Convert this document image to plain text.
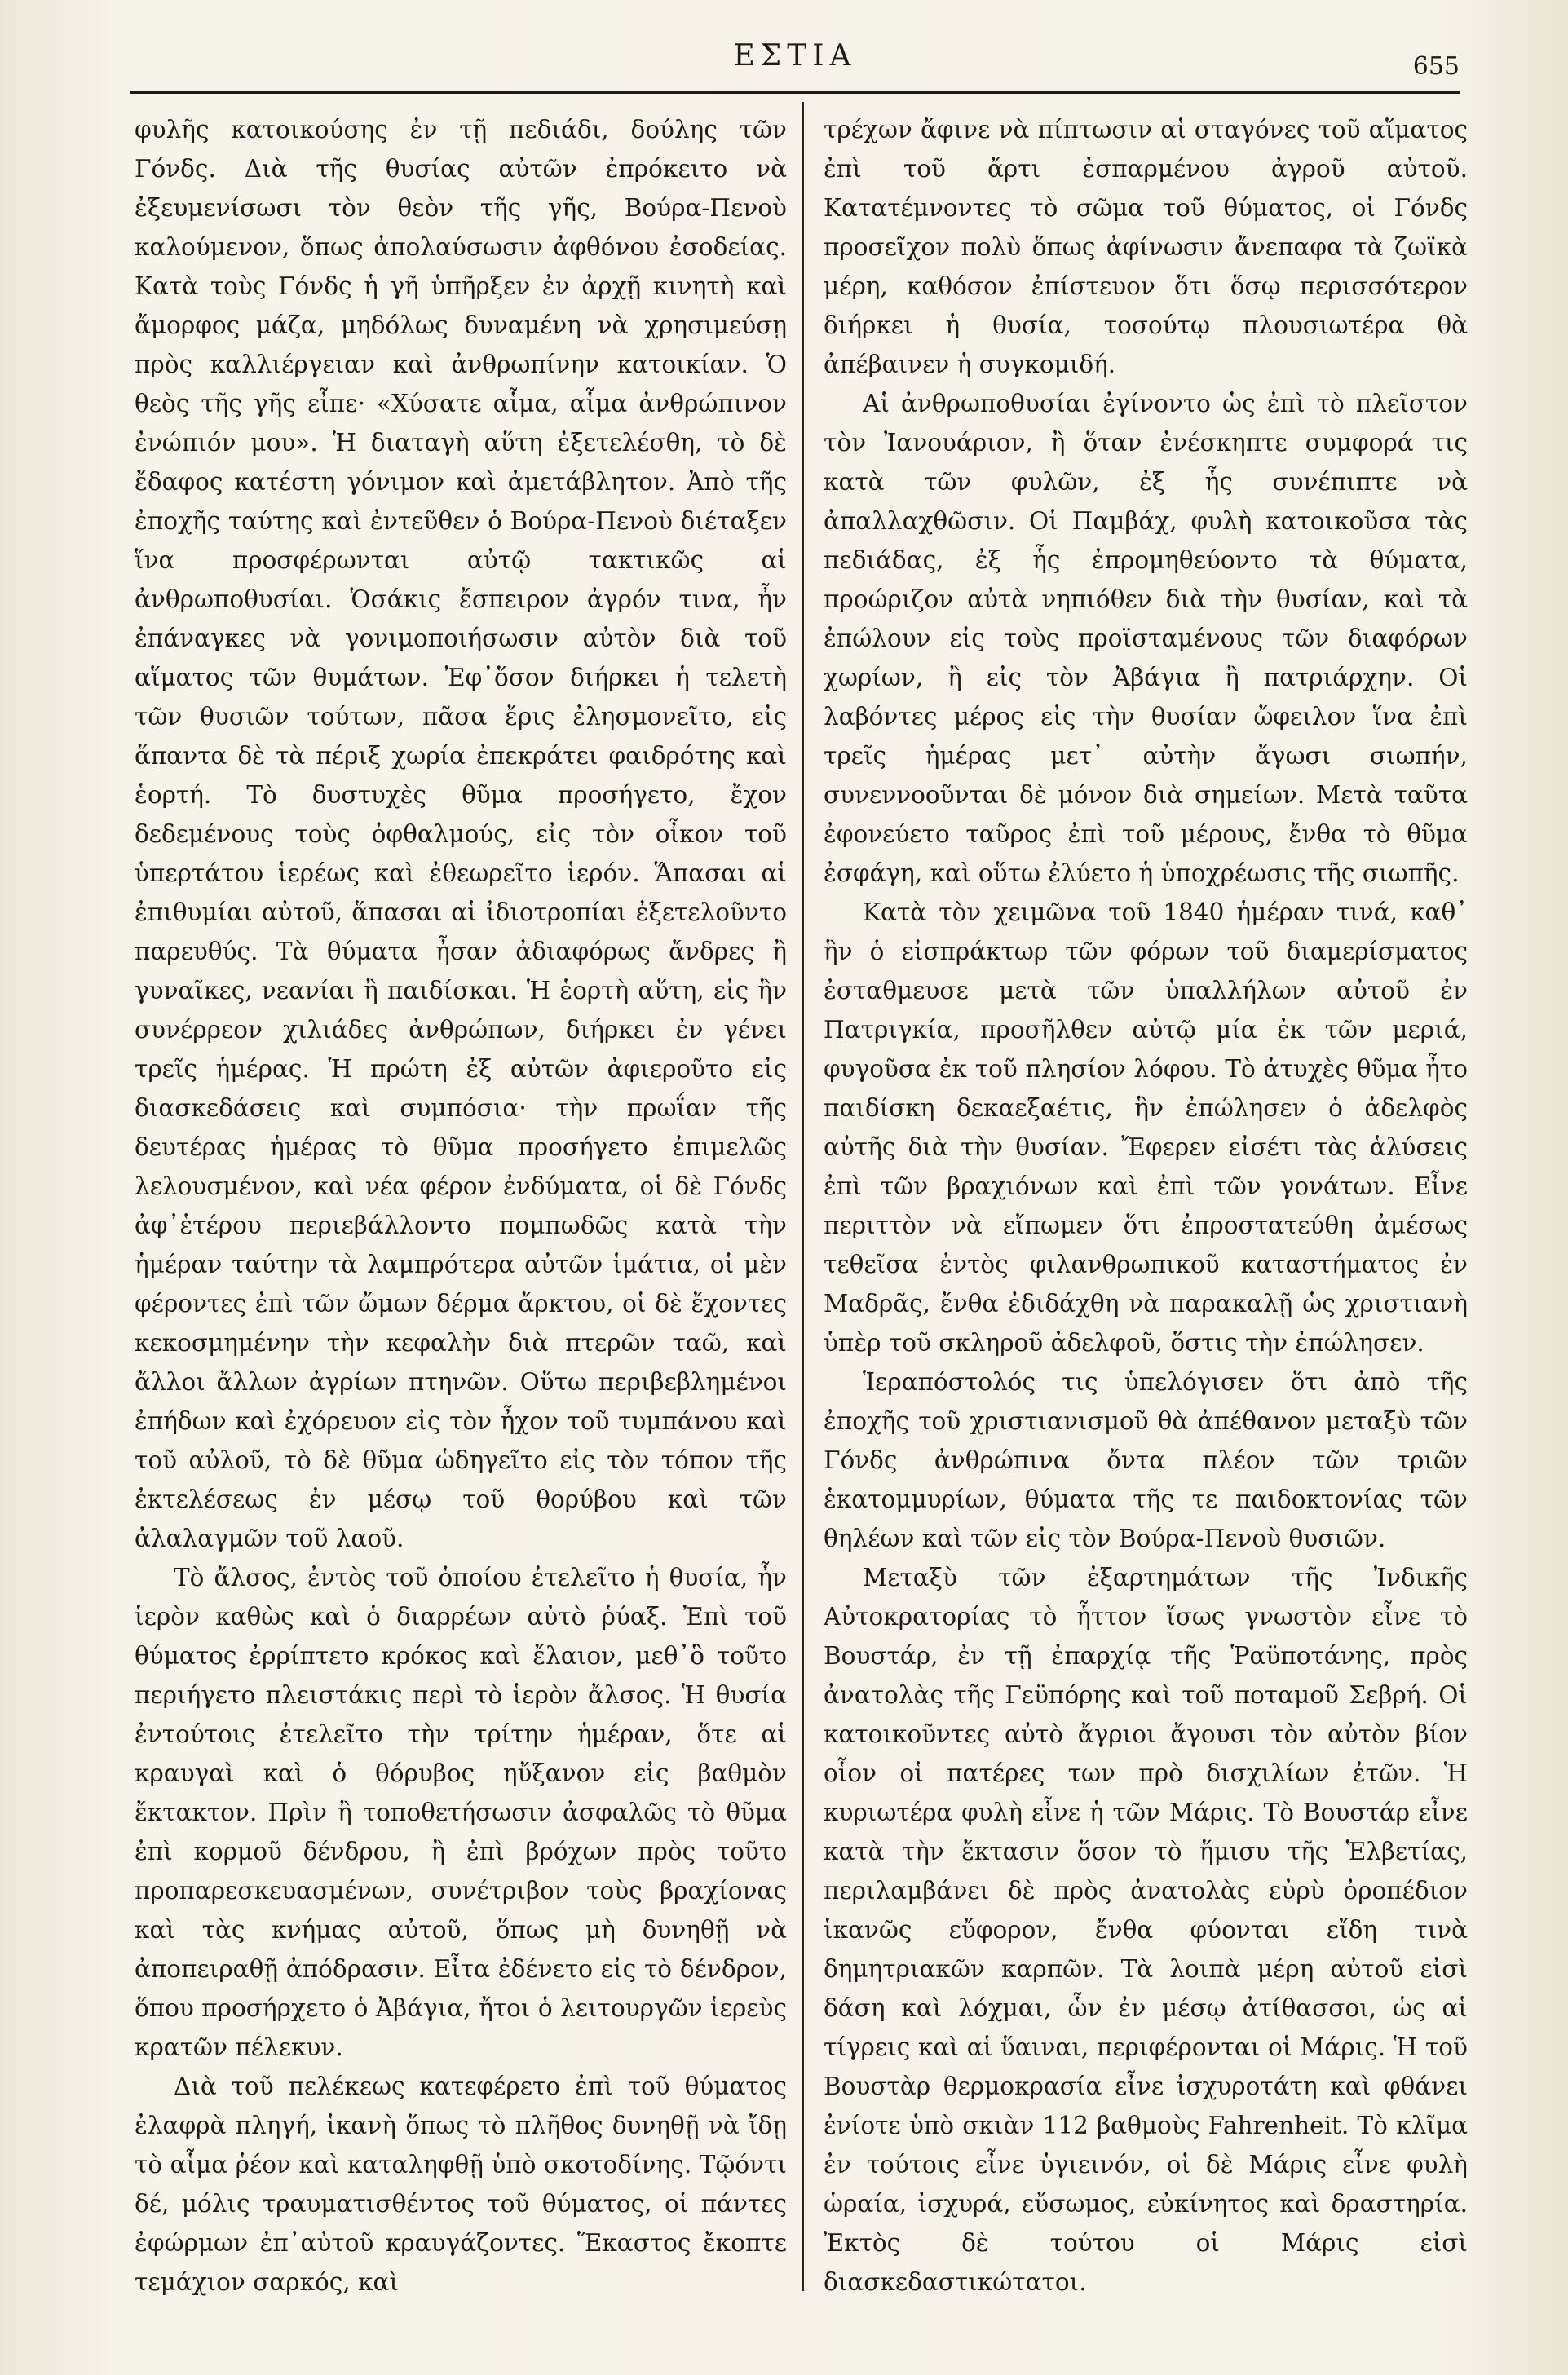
ΕΣΤΙΑ	655

φυλῆς κατοικούσης ἐν τῇ πεδιάδι, δούλης τῶν Γόνδς. Διὰ τῆς θυσίας αὐτῶν ἐπρόκειτο νὰ ἐξευμενίσωσι τὸν θεὸν τῆς γῆς, Βούρα-Πενοὺ καλούμενον, ὅπως ἀπολαύσωσιν ἀφθόνου ἐσοδείας. Κατὰ τοὺς Γόνδς ἡ γῆ ὑπῆρξεν ἐν ἀρχῇ κινητὴ καὶ ἄμορφος μάζα, μηδόλως δυναμένη νὰ χρησιμεύσῃ πρὸς καλλιέργειαν καὶ ἀνθρωπίνην κατοικίαν. Ὁ θεὸς τῆς γῆς εἶπε· «Χύσατε αἷμα, αἷμα ἀνθρώπινον ἐνώπιόν μου». Ἡ διαταγὴ αὕτη ἐξετελέσθη, τὸ δὲ ἔδαφος κατέστη γόνιμον καὶ ἀμετάβλητον. Ἀπὸ τῆς ἐποχῆς ταύτης καὶ ἐντεῦθεν ὁ Βούρα-Πενοὺ διέταξεν ἵνα προσφέρωνται αὐτῷ τακτικῶς αἱ ἀνθρωποθυσίαι. Ὁσάκις ἔσπειρον ἀγρόν τινα, ἦν ἐπάναγκες νὰ γονιμοποιήσωσιν αὐτὸν διὰ τοῦ αἵματος τῶν θυμάτων. Ἐφ᾽ὅσον διήρκει ἡ τελετὴ τῶν θυσιῶν τούτων, πᾶσα ἔρις ἐλησμονεῖτο, εἰς ἅπαντα δὲ τὰ πέριξ χωρία ἐπεκράτει φαιδρότης καὶ ἑορτή. Τὸ δυστυχὲς θῦμα προσήγετο, ἔχον δεδεμένους τοὺς ὀφθαλμούς, εἰς τὸν οἶκον τοῦ ὑπερτάτου ἱερέως καὶ ἐθεωρεῖτο ἱερόν. Ἅπασαι αἱ ἐπιθυμίαι αὐτοῦ, ἅπασαι αἱ ἰδιοτροπίαι ἐξετελοῦντο παρευθύς. Τὰ θύματα ἦσαν ἀδιαφόρως ἄνδρες ἢ γυναῖκες, νεανίαι ἢ παιδίσκαι. Ἡ ἑορτὴ αὕτη, εἰς ἣν συνέρρεον χιλιάδες ἀνθρώπων, διήρκει ἐν γένει τρεῖς ἡμέρας. Ἡ πρώτη ἐξ αὐτῶν ἀφιεροῦτο εἰς διασκεδάσεις καὶ συμπόσια· τὴν πρωΐαν τῆς δευτέρας ἡμέρας τὸ θῦμα προσήγετο ἐπιμελῶς λελουσμένον, καὶ νέα φέρον ἐνδύματα, οἱ δὲ Γόνδς ἀφ᾽ἑτέρου περιεβάλλοντο πομπωδῶς κατὰ τὴν ἡμέραν ταύτην τὰ λαμπρότερα αὐτῶν ἱμάτια, οἱ μὲν φέροντες ἐπὶ τῶν ὤμων δέρμα ἄρκτου, οἱ δὲ ἔχοντες κεκοσμημένην τὴν κεφαλὴν διὰ πτερῶν ταῶ, καὶ ἄλλοι ἄλλων ἀγρίων πτηνῶν. Οὕτω περιβεβλημένοι ἐπήδων καὶ ἐχόρευον εἰς τὸν ἦχον τοῦ τυμπάνου καὶ τοῦ αὐλοῦ, τὸ δὲ θῦμα ὡδηγεῖτο εἰς τὸν τόπον τῆς ἐκτελέσεως ἐν μέσῳ τοῦ θορύβου καὶ τῶν ἀλαλαγμῶν τοῦ λαοῦ.

Τὸ ἄλσος, ἐντὸς τοῦ ὁποίου ἐτελεῖτο ἡ θυσία, ἦν ἱερὸν καθὼς καὶ ὁ διαρρέων αὐτὸ ῥύαξ. Ἐπὶ τοῦ θύματος ἐρρίπτετο κρόκος καὶ ἔλαιον, μεθ᾽ὃ τοῦτο περιήγετο πλειστάκις περὶ τὸ ἱερὸν ἄλσος. Ἡ θυσία ἐντούτοις ἐτελεῖτο τὴν τρίτην ἡμέραν, ὅτε αἱ κραυγαὶ καὶ ὁ θόρυβος ηὔξανον εἰς βαθμὸν ἔκτακτον. Πρὶν ἢ τοποθετήσωσιν ἀσφαλῶς τὸ θῦμα ἐπὶ κορμοῦ δένδρου, ἢ ἐπὶ βρόχων πρὸς τοῦτο προπαρεσκευασμένων, συνέτριβον τοὺς βραχίονας καὶ τὰς κνήμας αὐτοῦ, ὅπως μὴ δυνηθῇ νὰ ἀποπειραθῇ ἀπόδρασιν. Εἶτα ἐδένετο εἰς τὸ δένδρον, ὅπου προσήρχετο ὁ Ἀβάγια, ἤτοι ὁ λειτουργῶν ἱερεὺς κρατῶν πέλεκυν.

Διὰ τοῦ πελέκεως κατεφέρετο ἐπὶ τοῦ θύματος ἐλαφρὰ πληγή, ἱκανὴ ὅπως τὸ πλῆθος δυνηθῇ νὰ ἴδῃ τὸ αἷμα ῥέον καὶ καταληφθῇ ὑπὸ σκοτοδίνης. Τῷόντι δέ, μόλις τραυματισθέντος τοῦ θύματος, οἱ πάντες ἐφώρμων ἐπ᾽αὐτοῦ κραυγάζοντες. Ἕκαστος ἔκοπτε τεμάχιον σαρκός, καὶ

τρέχων ἄφινε νὰ πίπτωσιν αἱ σταγόνες τοῦ αἵματος ἐπὶ τοῦ ἄρτι ἐσπαρμένου ἀγροῦ αὐτοῦ. Κατατέμνοντες τὸ σῶμα τοῦ θύματος, οἱ Γόνδς προσεῖχον πολὺ ὅπως ἀφίνωσιν ἄνεπαφα τὰ ζωϊκὰ μέρη, καθόσον ἐπίστευον ὅτι ὅσῳ περισσότερον διήρκει ἡ θυσία, τοσούτῳ πλουσιωτέρα θὰ ἀπέβαινεν ἡ συγκομιδή.

Αἱ ἀνθρωποθυσίαι ἐγίνοντο ὡς ἐπὶ τὸ πλεῖστον τὸν Ἰανουάριον, ἢ ὅταν ἐνέσκηπτε συμφορά τις κατὰ τῶν φυλῶν, ἐξ ἧς συνέπιπτε νὰ ἀπαλλαχθῶσιν. Οἱ Παμβάχ, φυλὴ κατοικοῦσα τὰς πεδιάδας, ἐξ ἧς ἐπρομηθεύοντο τὰ θύματα, προώριζον αὐτὰ νηπιόθεν διὰ τὴν θυσίαν, καὶ τὰ ἐπώλουν εἰς τοὺς προϊσταμένους τῶν διαφόρων χωρίων, ἢ εἰς τὸν Ἀβάγια ἢ πατριάρχην. Οἱ λαβόντες μέρος εἰς τὴν θυσίαν ὤφειλον ἵνα ἐπὶ τρεῖς ἡμέρας μετ᾽ αὐτὴν ἄγωσι σιωπήν, συνεννοοῦνται δὲ μόνον διὰ σημείων. Μετὰ ταῦτα ἐφονεύετο ταῦρος ἐπὶ τοῦ μέρους, ἔνθα τὸ θῦμα ἐσφάγη, καὶ οὕτω ἐλύετο ἡ ὑποχρέωσις τῆς σιωπῆς.

Κατὰ τὸν χειμῶνα τοῦ 1840 ἡμέραν τινά, καθ᾽ ἣν ὁ εἰσπράκτωρ τῶν φόρων τοῦ διαμερίσματος ἐσταθμευσε μετὰ τῶν ὑπαλλήλων αὐτοῦ ἐν Πατριγκία, προσῆλθεν αὐτῷ μία ἐκ τῶν μεριά, φυγοῦσα ἐκ τοῦ πλησίον λόφου. Τὸ ἀτυχὲς θῦμα ἦτο παιδίσκη δεκαεξαέτις, ἣν ἐπώλησεν ὁ ἀδελφὸς αὐτῆς διὰ τὴν θυσίαν. Ἔφερεν εἰσέτι τὰς ἁλύσεις ἐπὶ τῶν βραχιόνων καὶ ἐπὶ τῶν γονάτων. Εἶνε περιττὸν νὰ εἴπωμεν ὅτι ἐπροστατεύθη ἀμέσως τεθεῖσα ἐντὸς φιλανθρωπικοῦ καταστήματος ἐν Μαδρᾶς, ἔνθα ἐδιδάχθη νὰ παρακαλῇ ὡς χριστιανὴ ὑπὲρ τοῦ σκληροῦ ἀδελφοῦ, ὅστις τὴν ἐπώλησεν.

Ἱεραπόστολός τις ὑπελόγισεν ὅτι ἀπὸ τῆς ἐποχῆς τοῦ χριστιανισμοῦ θὰ ἀπέθανον μεταξὺ τῶν Γόνδς ἀνθρώπινα ὄντα πλέον τῶν τριῶν ἑκατομμυρίων, θύματα τῆς τε παιδοκτονίας τῶν θηλέων καὶ τῶν εἰς τὸν Βούρα-Πενοὺ θυσιῶν.

Μεταξὺ τῶν ἐξαρτημάτων τῆς Ἰνδικῆς Αὐτοκρατορίας τὸ ἧττον ἴσως γνωστὸν εἶνε τὸ Βουστάρ, ἐν τῇ ἐπαρχίᾳ τῆς Ῥαϋποτάνης, πρὸς ἀνατολὰς τῆς Γεϋπόρης καὶ τοῦ ποταμοῦ Σεβρή. Οἱ κατοικοῦντες αὐτὸ ἄγριοι ἄγουσι τὸν αὐτὸν βίον οἷον οἱ πατέρες των πρὸ δισχιλίων ἐτῶν. Ἡ κυριωτέρα φυλὴ εἶνε ἡ τῶν Μάρις. Τὸ Βουστάρ εἶνε κατὰ τὴν ἔκτασιν ὅσον τὸ ἥμισυ τῆς Ἑλβετίας, περιλαμβάνει δὲ πρὸς ἀνατολὰς εὐρὺ ὀροπέδιον ἱκανῶς εὔφορον, ἔνθα φύονται εἴδη τινὰ δημητριακῶν καρπῶν. Τὰ λοιπὰ μέρη αὐτοῦ εἰσὶ δάση καὶ λόχμαι, ὧν ἐν μέσῳ ἀτίθασσοι, ὡς αἱ τίγρεις καὶ αἱ ὕαιναι, περιφέρονται οἱ Μάρις. Ἡ τοῦ Βουστὰρ θερμοκρασία εἶνε ἰσχυροτάτη καὶ φθάνει ἐνίοτε ὑπὸ σκιὰν 112 βαθμοὺς Fahrenheit. Τὸ κλῖμα ἐν τούτοις εἶνε ὑγιεινόν, οἱ δὲ Μάρις εἶνε φυλὴ ὡραία, ἰσχυρά, εὔσωμος, εὐκίνητος καὶ δραστηρία. Ἐκτὸς δὲ τούτου οἱ Μάρις εἰσὶ διασκεδαστικώτατοι.
